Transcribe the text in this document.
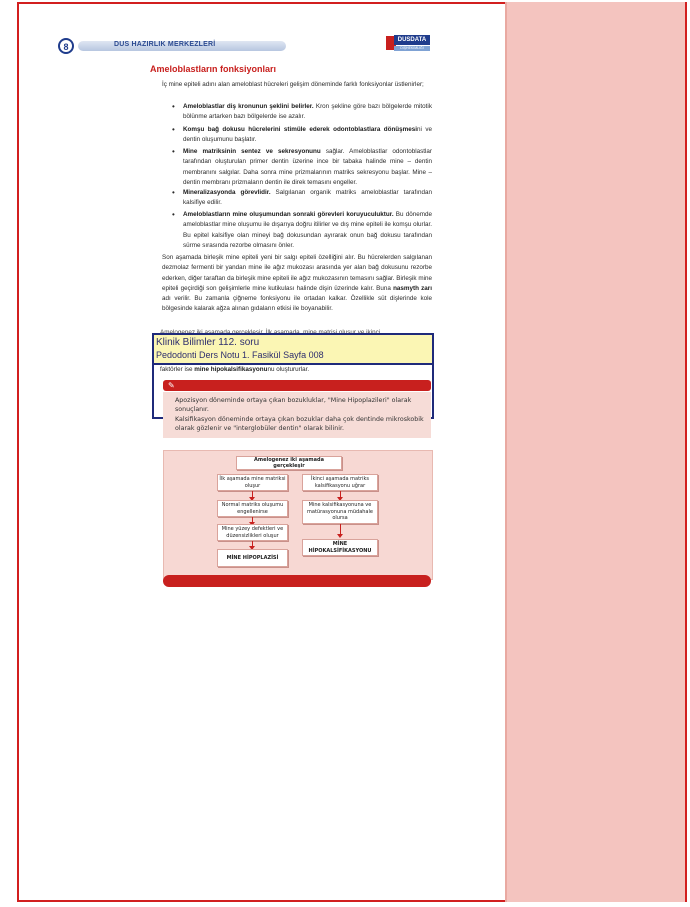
8	DUS HAZIRLIK MERKEZLERİ
DUSDATA
DIŞHEKİMLİĞİ HAZIRLIK
Ameloblastların fonksiyonları
İç mine epiteli adını alan ameloblast hücreleri gelişim döneminde farklı fonksiyonlar üstlenirler;
• Ameloblastlar diş kronunun şeklini belirler. Kron şekline göre bazı bölgelerde mitotik bölünme artarken bazı bölgelerde ise azalır.
• Komşu bağ dokusu hücrelerini stimüle ederek odontoblastlara dönüşmesini ve dentin oluşumunu başlatır.
• Mine matriksinin sentez ve sekresyonunu sağlar. Ameloblastlar odontoblastlar tarafından oluşturulan primer dentin üzerine ince bir tabaka halinde mine – dentin membranını salgılar. Daha sonra mine prizmalarının matriks sekresyonu başlar. Mine – dentin membranı prizmaların dentin ile direk temasını engeller.
• Mineralizasyonda görevlidir. Salgılanan organik matriks ameloblastlar tarafından kalsifiye edilir.
• Ameloblastların mine oluşumundan sonraki görevleri koruyuculuktur. Bu dönemde ameloblastlar mine oluşumu ile dışarıya doğru itilirler ve dış mine epiteli ile komşu olurlar. Bu epitel kalsifiye olan mineyi bağ dokusundan ayırarak onun bağ dokusu tarafından sürme sırasında rezorbe olmasını önler.
Son aşamada birleşik mine epiteli yeni bir salgı epiteli özelliğini alır. Bu hücrelerden salgılanan dezmolaz fermenti bir yandan mine ile ağız mukozası arasında yer alan bağ dokusunu rezorbe ederken, diğer taraftan da birleşik mine epiteli ile ağız mukozasının temasını sağlar. Birleşik mine epiteli geçirdiği son gelişimlerle mine kutikulası halinde dişin üzerinde kalır. Buna nasmyth zarı adı verilir. Bu zamanla çiğneme fonksiyonu ile ortadan kalkar. Özellikle süt dişlerinde kole bölgesinde kalarak ağza alınan gıdaların etkisi ile boyanabilir.
Klinik Bilimler 112. soru
Pedodonti Ders Notu 1. Fasikül Sayfa 008
faktörler ise mine hipokalsifikasyonunu oluştururlar.
✎
Apozisyon döneminde ortaya çıkan bozukluklar, "Mine Hipoplazileri" olarak sonuçlanır.
Kalsifikasyon döneminde ortaya çıkan bozuklar daha çok dentinde mikroskobik olarak gözlenir ve "interglobüler dentin" olarak bilinir.
Amelogenez iki aşamada gerçekleşir
İlk aşamada mine matriksi oluşur
İkinci aşamada matriks kalsifikasyonu uğrar
Normal matriks oluşumu engellenirse
Mine kalsifikasyonuna ve matürasyonuna müdahale olursa
Mine yüzey defektleri ve düzensizlikleri oluşur
MİNE HİPOPLAZİSİ
MİNE HİPOKALSİFİKASYONU
